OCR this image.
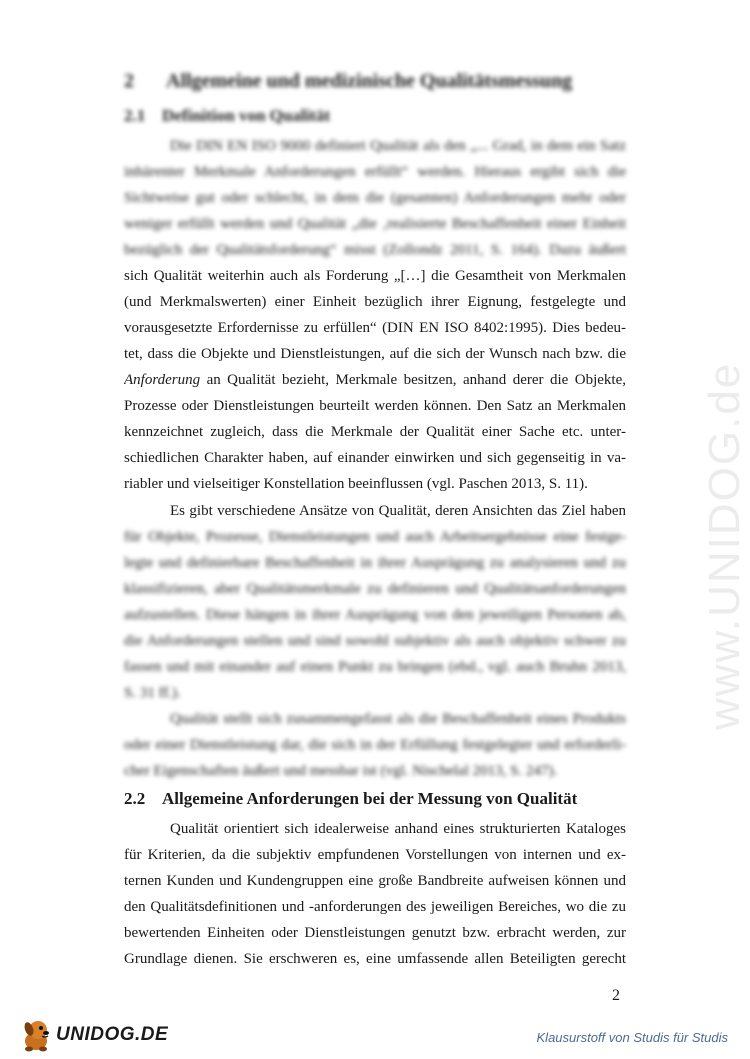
www.UNIDOG.de
2 Allgemeine und medizinische Qualitätsmessung
2.1 Definition von Qualität
Die DIN EN ISO 9000 definiert Qualität als den „... Grad, in dem ein Satz
inhärenter Merkmale Anforderungen erfüllt“ werden. Hieraus ergibt sich die
Sichtweise gut oder schlecht, in dem die (gesamten) Anforderungen mehr oder
weniger erfüllt werden und Qualität „die ‚realisierte Beschaffenheit einer Einheit
bezüglich der Qualitätsforderung“ misst (Zollondz 2011, S. 164). Dazu äußert
sich Qualität weiterhin auch als Forderung „[…] die Gesamtheit von Merkmalen
(und Merkmalswerten) einer Einheit bezüglich ihrer Eignung, festgelegte und
vorausgesetzte Erfordernisse zu erfüllen“ (DIN EN ISO 8402:1995). Dies bedeu-
tet, dass die Objekte und Dienstleistungen, auf die sich der Wunsch nach bzw. die
Anforderung an Qualität bezieht, Merkmale besitzen, anhand derer die Objekte,
Prozesse oder Dienstleistungen beurteilt werden können. Den Satz an Merkmalen
kennzeichnet zugleich, dass die Merkmale der Qualität einer Sache etc. unter-
schiedlichen Charakter haben, auf einander einwirken und sich gegenseitig in va-
riabler und vielseitiger Konstellation beeinflussen (vgl. Paschen 2013, S. 11).
Es gibt verschiedene Ansätze von Qualität, deren Ansichten das Ziel haben
für Objekte, Prozesse, Dienstleistungen und auch Arbeitsergebnisse eine festge-
legte und definierbare Beschaffenheit in ihrer Ausprägung zu analysieren und zu
klassifizieren, aber Qualitätsmerkmale zu definieren und Qualitätsanforderungen
aufzustellen. Diese hängen in ihrer Ausprägung von den jeweiligen Personen ab,
die Anforderungen stellen und sind sowohl subjektiv als auch objektiv schwer zu
fassen und mit einander auf einen Punkt zu bringen (ebd., vgl. auch Bruhn 2013,
S. 31 ff.).
Qualität stellt sich zusammengefasst als die Beschaffenheit eines Produkts
oder einer Dienstleistung dar, die sich in der Erfüllung festgelegter und erforderli-
cher Eigenschaften äußert und messbar ist (vgl. Nischelal 2013, S. 247).
2.2 Allgemeine Anforderungen bei der Messung von Qualität
Qualität orientiert sich idealerweise anhand eines strukturierten Kataloges
für Kriterien, da die subjektiv empfundenen Vorstellungen von internen und ex-
ternen Kunden und Kundengruppen eine große Bandbreite aufweisen können und
den Qualitätsdefinitionen und -anforderungen des jeweiligen Bereiches, wo die zu
bewertenden Einheiten oder Dienstleistungen genutzt bzw. erbracht werden, zur
Grundlage dienen. Sie erschweren es, eine umfassende allen Beteiligten gerecht
2
UNIDOG.DE	Klausurstoff von Studis für Studis
